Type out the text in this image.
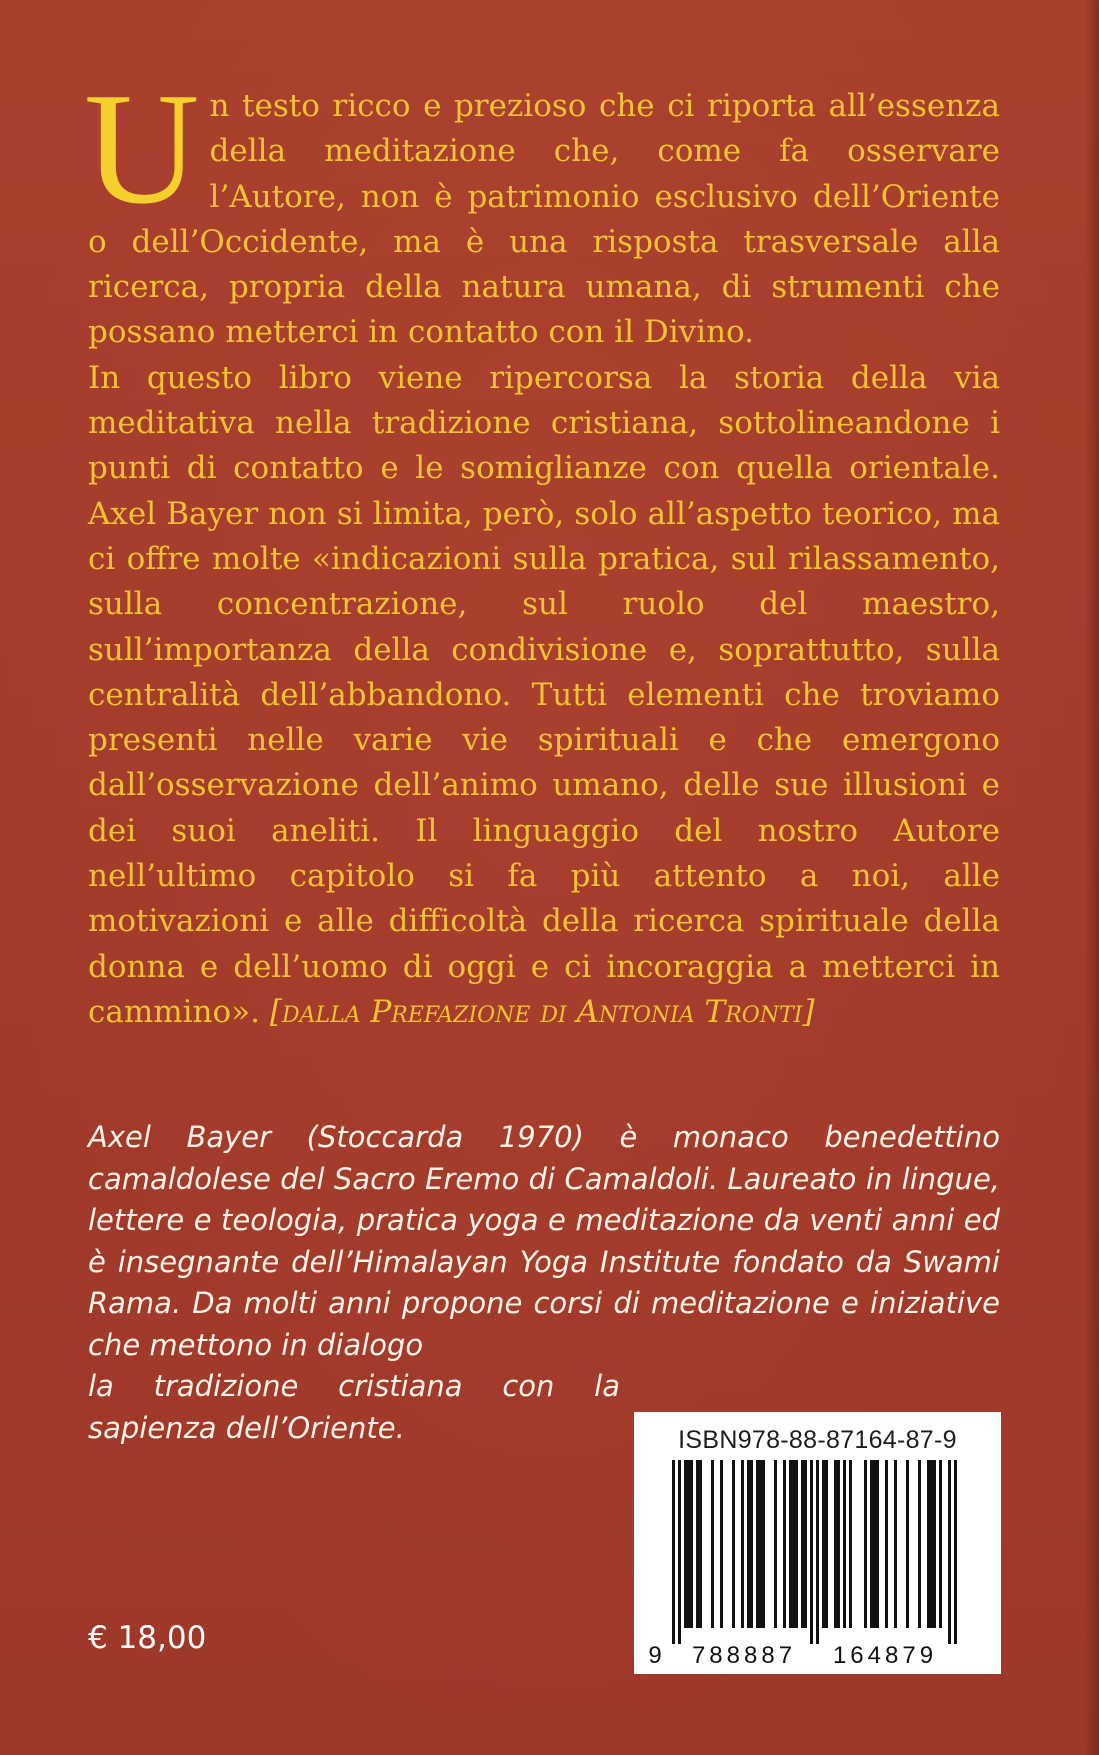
Un testo ricco e prezioso che ci riporta all’essenza della meditazione che, come fa osservare l’Autore, non è patrimonio esclusivo dell’Oriente o dell’Occidente, ma è una risposta trasversale alla ricerca, propria della natura umana, di strumenti che possano metterci in contatto con il Divino.

In questo libro viene ripercorsa la storia della via meditativa nella tradizione cristiana, sottolineandone i punti di contatto e le somiglianze con quella orientale. Axel Bayer non si limita, però, solo all’aspetto teorico, ma ci offre molte «indicazioni sulla pratica, sul rilassamento, sulla concentrazione, sul ruolo del maestro, sull’importanza della condivisione e, soprattutto, sulla centralità dell’abbandono. Tutti elementi che troviamo presenti nelle varie vie spirituali e che emergono dall’osservazione dell’animo umano, delle sue illusioni e dei suoi aneliti. Il linguaggio del nostro Autore nell’ultimo capitolo si fa più attento a noi, alle motivazioni e alle difficoltà della ricerca spirituale della donna e dell’uomo di oggi e ci incoraggia a metterci in cammino». [dalla Prefazione di Antonia Tronti]

Axel Bayer (Stoccarda 1970) è monaco benedettino camaldolese del Sacro Eremo di Camaldoli. Laureato in lingue, lettere e teologia, pratica yoga e meditazione da venti anni ed è insegnante dell’Himalayan Yoga Institute fondato da Swami Rama. Da molti anni propone corsi di meditazione e iniziative che mettono in dialogo
la tradizione cristiana con la sapienza dell’Oriente.	ISBN978-88-87164-87-9
9 788887 164879
€ 18,00
